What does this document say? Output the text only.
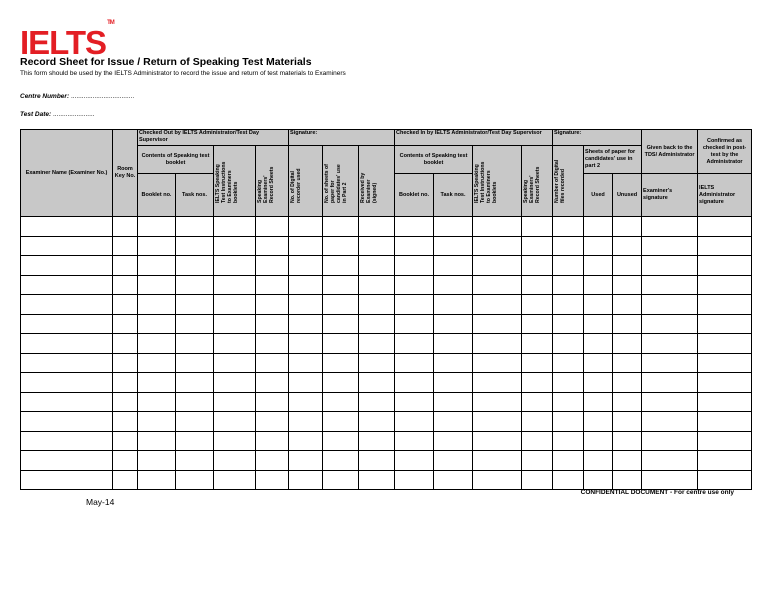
IELTS™
Record Sheet for Issue / Return of Speaking Test Materials
This form should be used by the IELTS Administrator to record the issue and return of test materials to Examiners
Centre Number: ...................................
Test Date: .......................
Examiner Name (Examiner No.)	Room Key No.	Checked Out by IELTS Administrator/Test Day Supervisor				Signature:			Checked In by IELTS Administrator/Test Day Supervisor				Signature:			Given back to the TDS/ Administrator	Confirmed as checked in post-test by the Administrator
		Contents of Speaking test booklet		IELTS Speaking Test Instructions to Examiners booklets	Speaking Examiners' Record Sheets	No. of Digital recorder used	No. of sheets of paper for candidates' use in Part 2	Received by Examiner (signed)	Contents of Speaking test booklet		IELTS Speaking Test Instructions to Examiners booklets	Speaking Examiners' Record Sheets	Number of Digital files recorded	Sheets of paper for candidates' use in part 2			
		Booklet no.	Task nos.						Booklet no.	Task nos.				Used	Unused	Examiner's signature	IELTS Administrator signature

CONFIDENTIAL DOCUMENT - For centre use only
May-14
